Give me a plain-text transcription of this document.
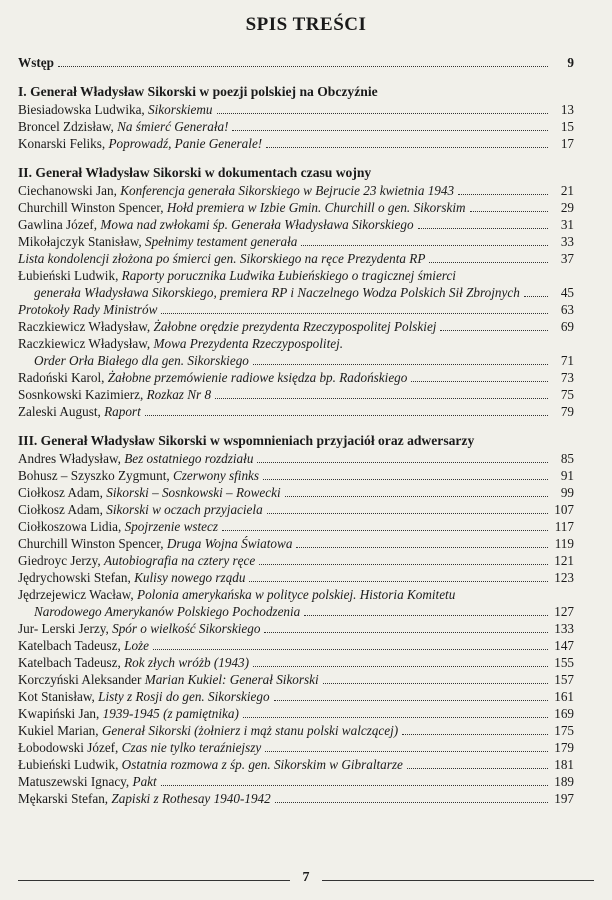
SPIS TREŚCI
Wstęp	9
I. Generał Władysław Sikorski w poezji polskiej na Obczyźnie
Biesiadowska Ludwika, Sikorskiemu	13
Broncel Zdzisław, Na śmierć Generała!	15
Konarski Feliks, Poprowadź, Panie Generale!	17
II. Generał Władysław Sikorski w dokumentach czasu wojny
Ciechanowski Jan, Konferencja generała Sikorskiego w Bejrucie 23 kwietnia 1943	21
Churchill Winston Spencer, Hołd premiera w Izbie Gmin. Churchill o gen. Sikorskim	29
Gawlina Józef, Mowa nad zwłokami śp. Generała Władysława Sikorskiego	31
Mikołajczyk Stanisław, Spełnimy testament generała	33
Lista kondolencji złożona po śmierci gen. Sikorskiego na ręce Prezydenta RP	37
Łubieński Ludwik, Raporty porucznika Ludwika Łubieńskiego o tragicznej śmierci
generała Władysława Sikorskiego, premiera RP i Naczelnego Wodza Polskich Sił Zbrojnych	45
Protokoły Rady Ministrów	63
Raczkiewicz Władysław, Żałobne orędzie prezydenta Rzeczypospolitej Polskiej	69
Raczkiewicz Władysław, Mowa Prezydenta Rzeczypospolitej.
Order Orła Białego dla gen. Sikorskiego	71
Radoński Karol, Żałobne przemówienie radiowe księdza bp. Radońskiego	73
Sosnkowski Kazimierz, Rozkaz Nr 8	75
Zaleski August, Raport	79
III. Generał Władysław Sikorski w wspomnieniach przyjaciół oraz adwersarzy
Andres Władysław, Bez ostatniego rozdziału	85
Bohusz – Szyszko Zygmunt, Czerwony sfinks	91
Ciołkosz Adam, Sikorski – Sosnkowski – Rowecki	99
Ciołkosz Adam, Sikorski w oczach przyjaciela	107
Ciołkoszowa Lidia, Spojrzenie wstecz	117
Churchill Winston Spencer, Druga Wojna Światowa	119
Giedroyc Jerzy, Autobiografia na cztery ręce	121
Jędrychowski Stefan, Kulisy nowego rządu	123
Jędrzejewicz Wacław, Polonia amerykańska w polityce polskiej. Historia Komitetu
Narodowego Amerykanów Polskiego Pochodzenia	127
Jur- Lerski Jerzy, Spór o wielkość Sikorskiego	133
Katelbach Tadeusz, Loże	147
Katelbach Tadeusz, Rok złych wróżb (1943)	155
Korczyński Aleksander Marian Kukiel: Generał Sikorski	157
Kot Stanisław, Listy z Rosji do gen. Sikorskiego	161
Kwapiński Jan, 1939-1945 (z pamiętnika)	169
Kukiel Marian, Generał Sikorski (żołnierz i mąż stanu polski walczącej)	175
Łobodowski Józef, Czas nie tylko teraźniejszy	179
Łubieński Ludwik, Ostatnia rozmowa z śp. gen. Sikorskim w Gibraltarze	181
Matuszewski Ignacy, Pakt	189
Mękarski Stefan, Zapiski z Rothesay 1940-1942	197
7
